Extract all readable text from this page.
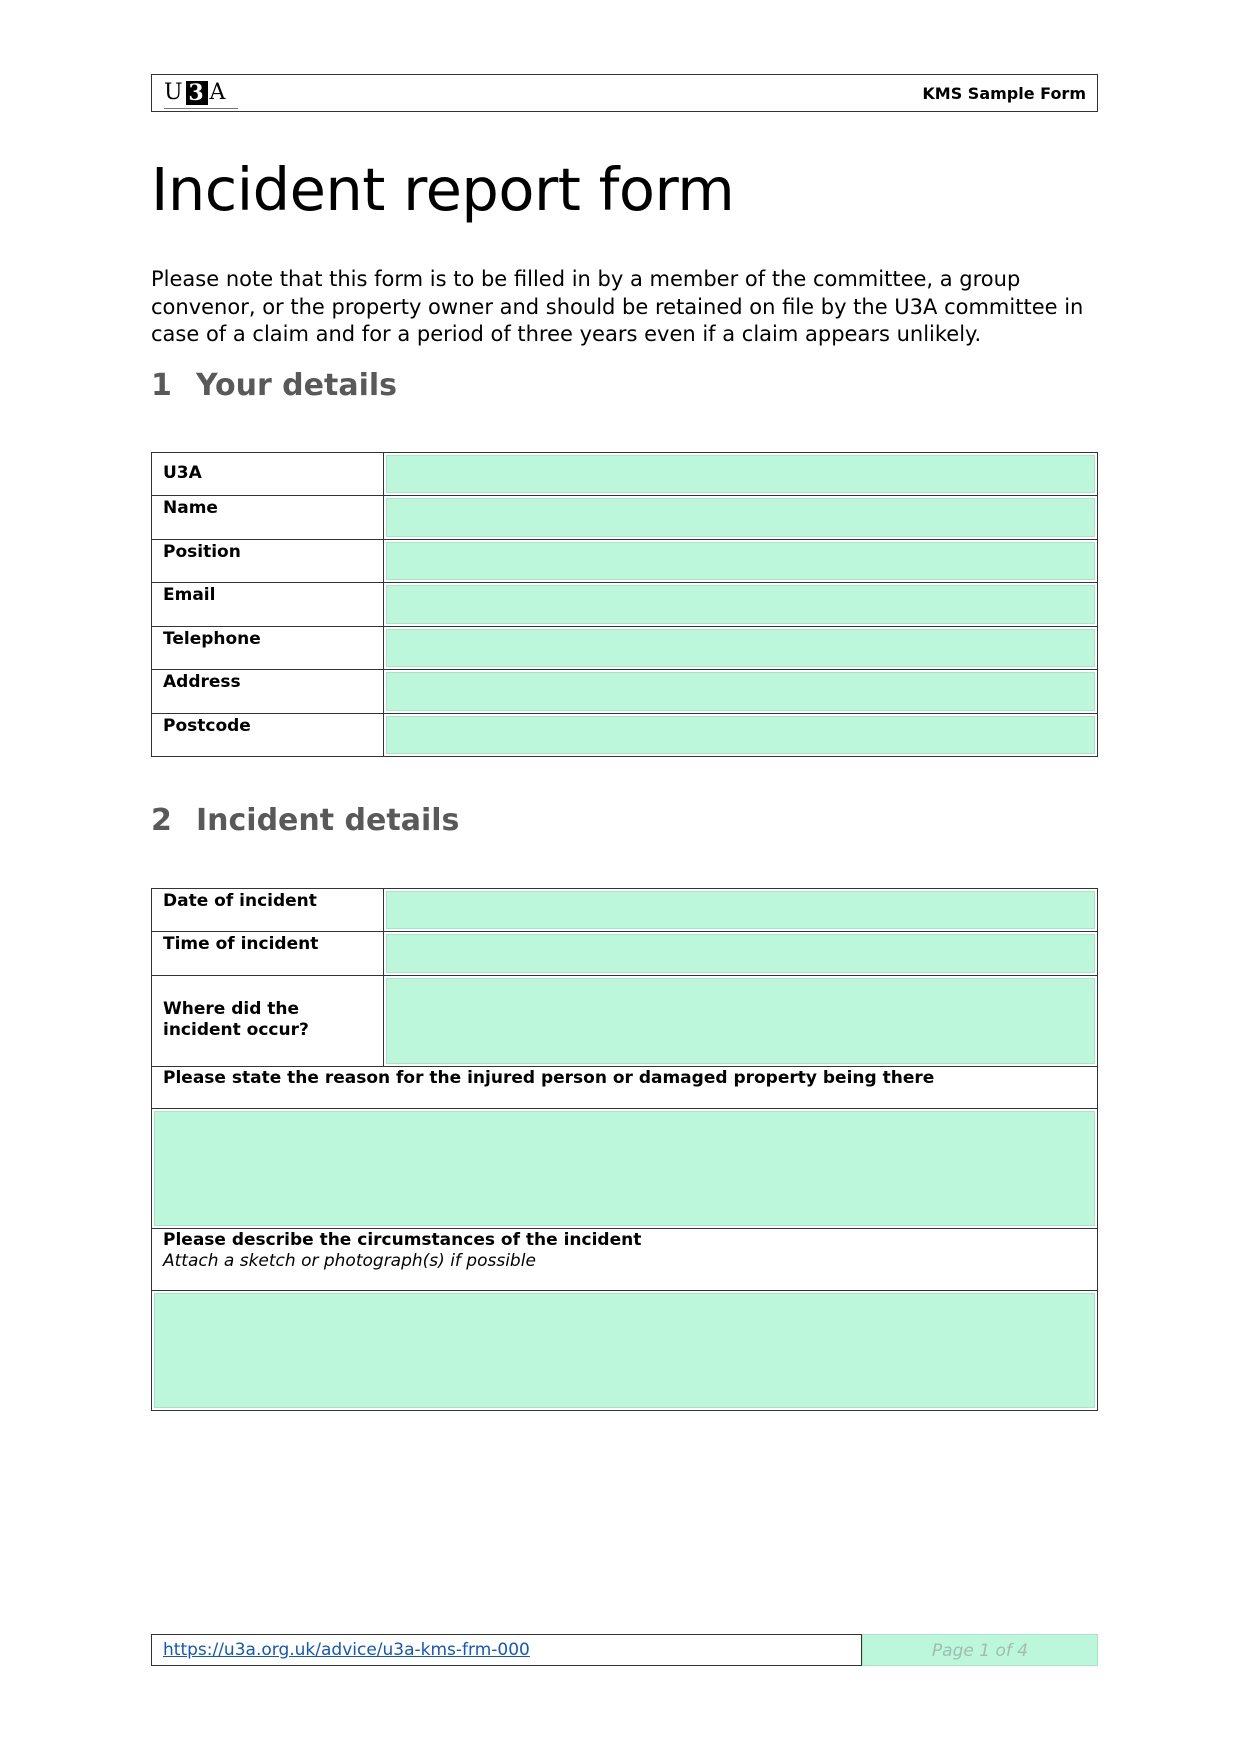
U 3 A	KMS Sample Form
Incident report form

Please note that this form is to be filled in by a member of the committee, a group convenor, or the property owner and should be retained on file by the U3A committee in case of a claim and for a period of three years even if a claim appears unlikely.

1 Your details
U3A	

Name	

Position	

Email	

Telephone	

Address	

Postcode	
2 Incident details
Date of incident	

Time of incident	

Where did the incident occur?	

Please state the reason for the injured person or damaged property being there	

Please describe the circumstances of the incident
Attach a sketch or photograph(s) if possible	

https://u3a.org.uk/advice/u3a-kms-frm-000	Page 1 of 4
